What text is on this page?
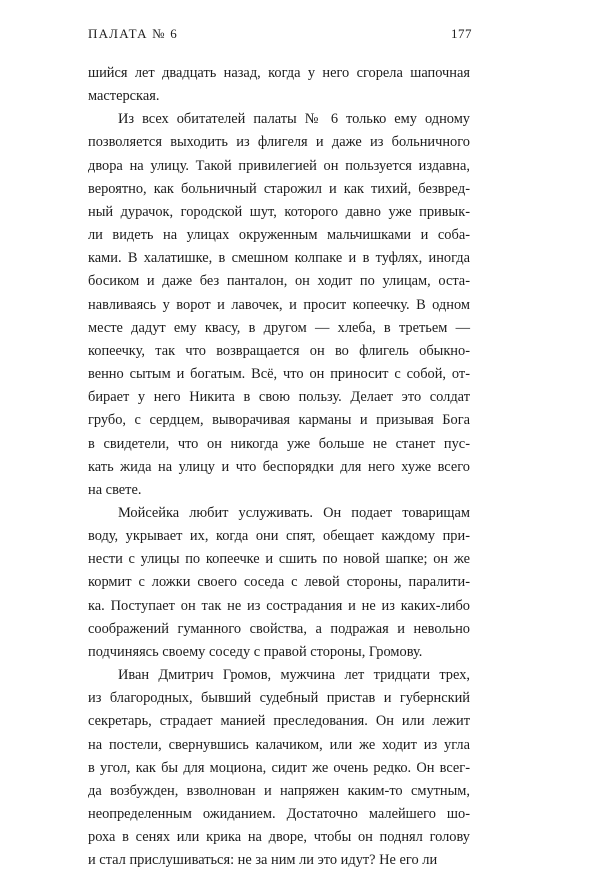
ПАЛАТА № 6	177
шийся лет двадцать назад, когда у него сгорела шапочная
мастерская.
Из всех обитателей палаты № 6 только ему одному
позволяется выходить из флигеля и даже из больничного
двора на улицу. Такой привилегией он пользуется издавна,
вероятно, как больничный старожил и как тихий, безвред-
ный дурачок, городской шут, которого давно уже привык-
ли видеть на улицах окруженным мальчишками и соба-
ками. В халатишке, в смешном колпаке и в туфлях, иногда
босиком и даже без панталон, он ходит по улицам, оста-
навливаясь у ворот и лавочек, и просит копеечку. В одном
месте дадут ему квасу, в другом — хлеба, в третьем —
копеечку, так что возвращается он во флигель обыкно-
венно сытым и богатым. Всё, что он приносит с собой, от-
бирает у него Никита в свою пользу. Делает это солдат
грубо, с сердцем, выворачивая карманы и призывая Бога
в свидетели, что он никогда уже больше не станет пус-
кать жида на улицу и что беспорядки для него хуже всего
на свете.
Мойсейка любит услуживать. Он подает товарищам
воду, укрывает их, когда они спят, обещает каждому при-
нести с улицы по копеечке и сшить по новой шапке; он же
кормит с ложки своего соседа с левой стороны, паралити-
ка. Поступает он так не из сострадания и не из каких-либо
соображений гуманного свойства, а подражая и невольно
подчиняясь своему соседу с правой стороны, Громову.
Иван Дмитрич Громов, мужчина лет тридцати трех,
из благородных, бывший судебный пристав и губернский
секретарь, страдает манией преследования. Он или лежит
на постели, свернувшись калачиком, или же ходит из угла
в угол, как бы для моциона, сидит же очень редко. Он всег-
да возбужден, взволнован и напряжен каким-то смутным,
неопределенным ожиданием. Достаточно малейшего шо-
роха в сенях или крика на дворе, чтобы он поднял голову
и стал прислушиваться: не за ним ли это идут? Не его ли
